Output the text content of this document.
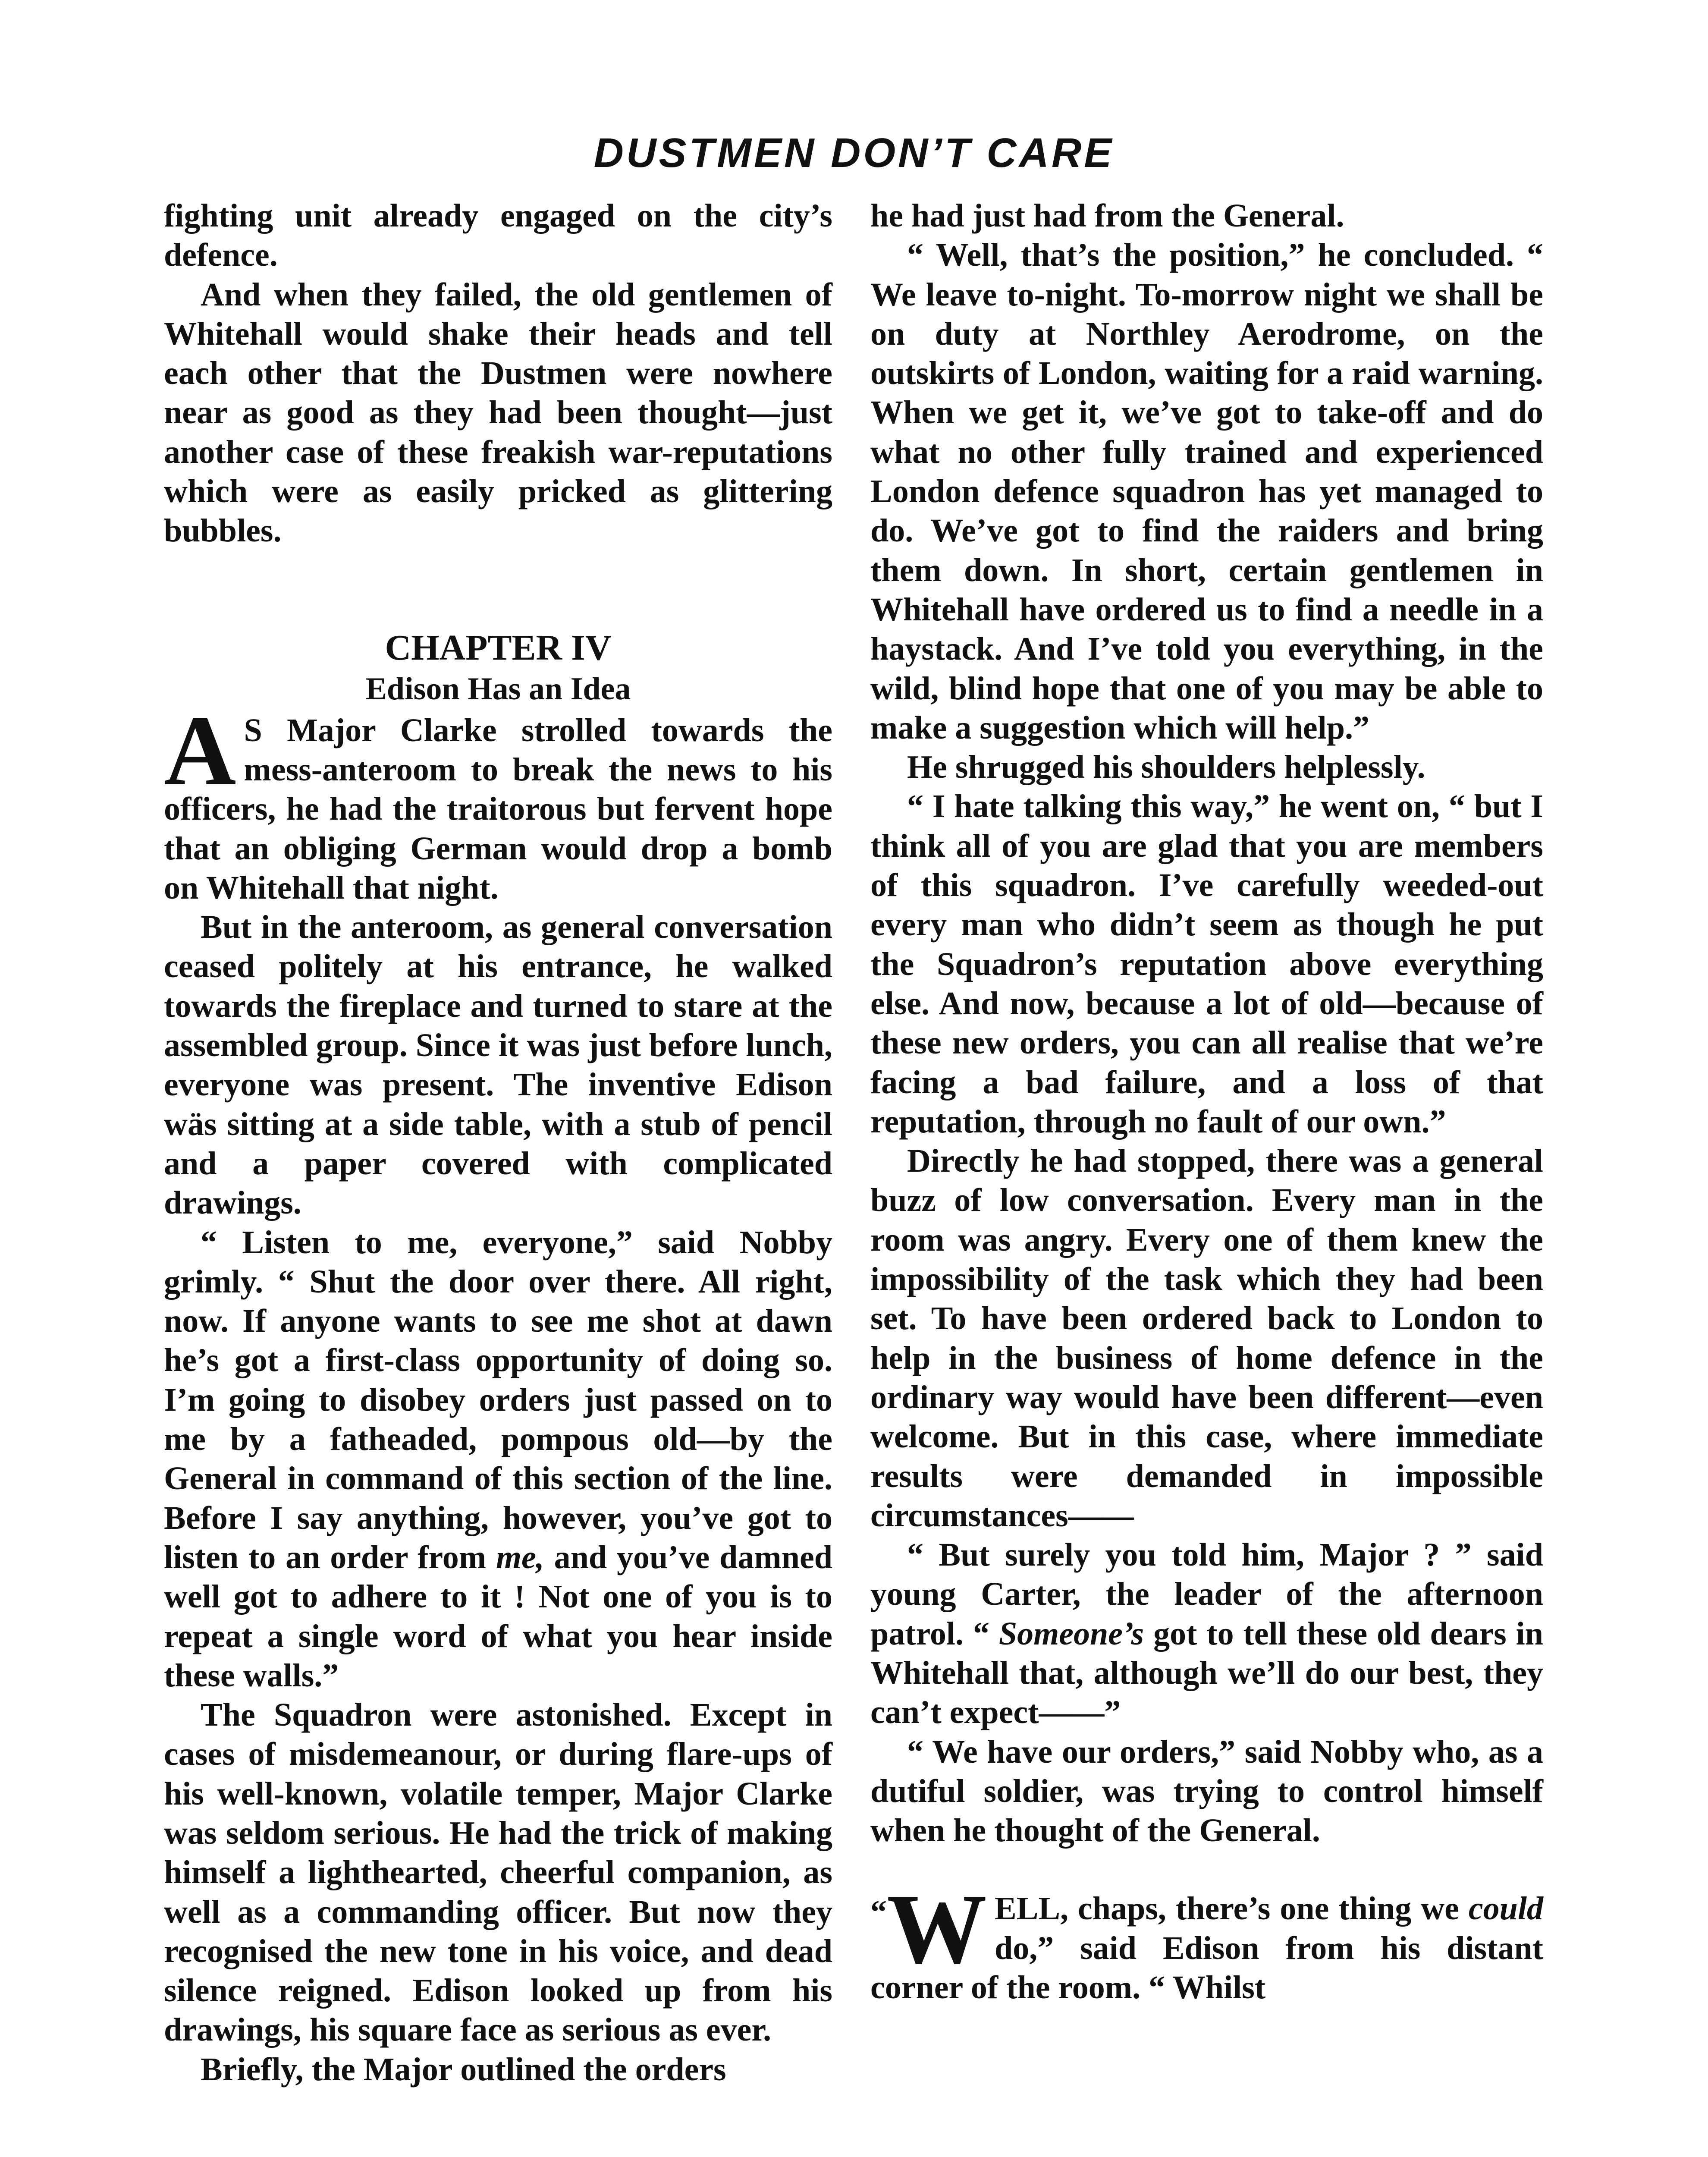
DUSTMEN DON’T CARE

fighting unit already engaged on the city’s defence.

And when they failed, the old gentlemen of Whitehall would shake their heads and tell each other that the Dustmen were nowhere near as good as they had been thought—just another case of these freakish war-reputations which were as easily pricked as glittering bubbles.

CHAPTER IV
Edison Has an Idea

A S Major Clarke strolled towards the mess-anteroom to break the news to his officers, he had the traitorous but fervent hope that an obliging German would drop a bomb on Whitehall that night.

But in the anteroom, as general conversation ceased politely at his entrance, he walked towards the fireplace and turned to stare at the assembled group. Since it was just before lunch, everyone was present. The inventive Edison wäs sitting at a side table, with a stub of pencil and a paper covered with complicated drawings.

“ Listen to me, everyone,” said Nobby grimly. “ Shut the door over there. All right, now. If anyone wants to see me shot at dawn he’s got a first-class opportunity of doing so. I’m going to disobey orders just passed on to me by a fatheaded, pompous old—by the General in command of this section of the line. Before I say anything, however, you’ve got to listen to an order from me, and you’ve damned well got to adhere to it ! Not one of you is to repeat a single word of what you hear inside these walls.”

The Squadron were astonished. Except in cases of misdemeanour, or during flare-ups of his well-known, volatile temper, Major Clarke was seldom serious. He had the trick of making himself a lighthearted, cheerful companion, as well as a commanding officer. But now they recognised the new tone in his voice, and dead silence reigned. Edison looked up from his drawings, his square face as serious as ever.

Briefly, the Major outlined the orders

he had just had from the General.

“ Well, that’s the position,” he concluded. “ We leave to-night. To-morrow night we shall be on duty at Northley Aerodrome, on the outskirts of London, waiting for a raid warning. When we get it, we’ve got to take-off and do what no other fully trained and experienced London defence squadron has yet managed to do. We’ve got to find the raiders and bring them down. In short, certain gentlemen in Whitehall have ordered us to find a needle in a haystack. And I’ve told you everything, in the wild, blind hope that one of you may be able to make a suggestion which will help.”

He shrugged his shoulders helplessly.

“ I hate talking this way,” he went on, “ but I think all of you are glad that you are members of this squadron. I’ve carefully weeded-out every man who didn’t seem as though he put the Squadron’s reputation above everything else. And now, because a lot of old—because of these new orders, you can all realise that we’re facing a bad failure, and a loss of that reputation, through no fault of our own.”

Directly he had stopped, there was a general buzz of low conversation. Every man in the room was angry. Every one of them knew the impossibility of the task which they had been set. To have been ordered back to London to help in the business of home defence in the ordinary way would have been different—even welcome. But in this case, where immediate results were demanded in impossible circumstances——

“ But surely you told him, Major ? ” said young Carter, the leader of the afternoon patrol. “ Someone’s got to tell these old dears in Whitehall that, although we’ll do our best, they can’t expect——”

“ We have our orders,” said Nobby who, as a dutiful soldier, was trying to control himself when he thought of the General.

“ W ELL, chaps, there’s one thing we could do,” said Edison from his distant corner of the room. “ Whilst
